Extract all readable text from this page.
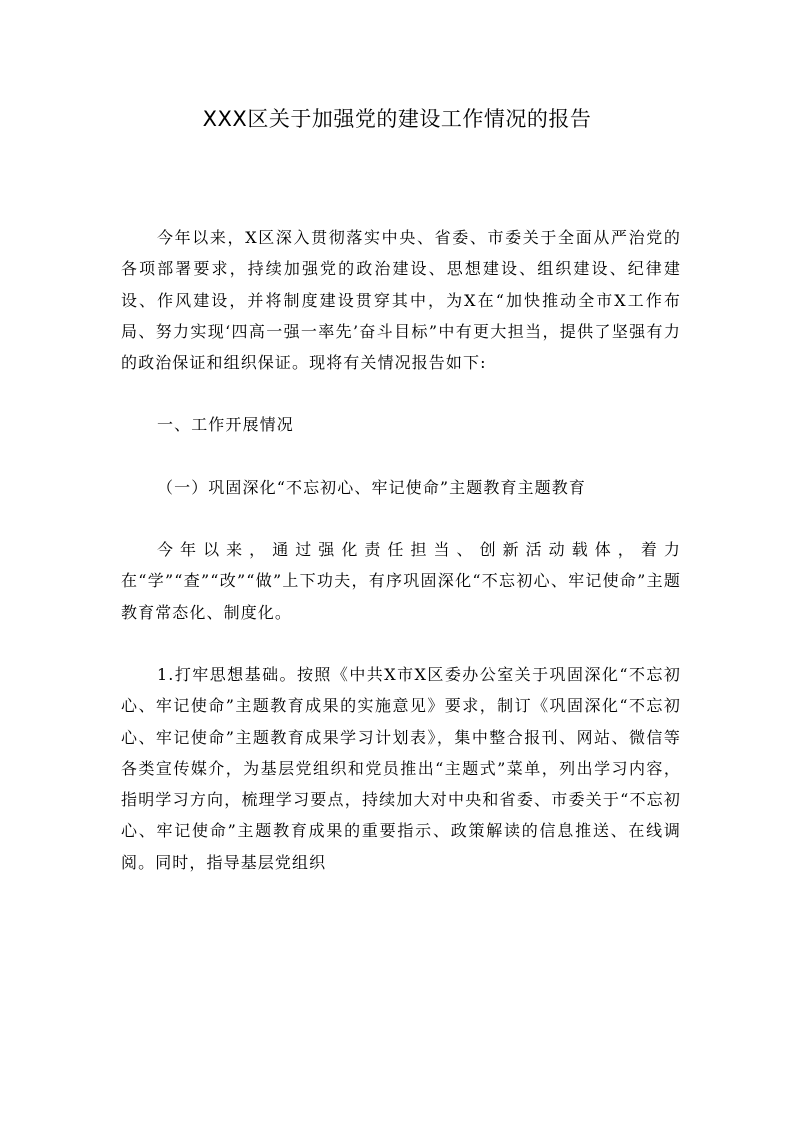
XXX区关于加强党的建设工作情况的报告

今年以来，X区深入贯彻落实中央、省委、市委关于全面从严治党的各项部署要求，持续加强党的政治建设、思想建设、组织建设、纪律建设、作风建设，并将制度建设贯穿其中，为X在“加快推动全市X工作布局、努力实现‘四高一强一率先’奋斗目标”中有更大担当，提供了坚强有力的政治保证和组织保证。现将有关情况报告如下:

一、工作开展情况

（一）巩固深化“不忘初心、牢记使命”主题教育主题教育

今年以来，通过强化责任担当、创新活动载体，着力在“学”“查”“改”“做”上下功夫，有序巩固深化“不忘初心、牢记使命”主题教育常态化、制度化。

1.打牢思想基础。按照《中共X市X区委办公室关于巩固深化“不忘初心、牢记使命”主题教育成果的实施意见》要求，制订《巩固深化“不忘初心、牢记使命”主题教育成果学习计划表》，集中整合报刊、网站、微信等各类宣传媒介，为基层党组织和党员推出“主题式”菜单，列出学习内容，指明学习方向，梳理学习要点，持续加大对中央和省委、市委关于“不忘初心、牢记使命”主题教育成果的重要指示、政策解读的信息推送、在线调阅。同时，指导基层党组织
